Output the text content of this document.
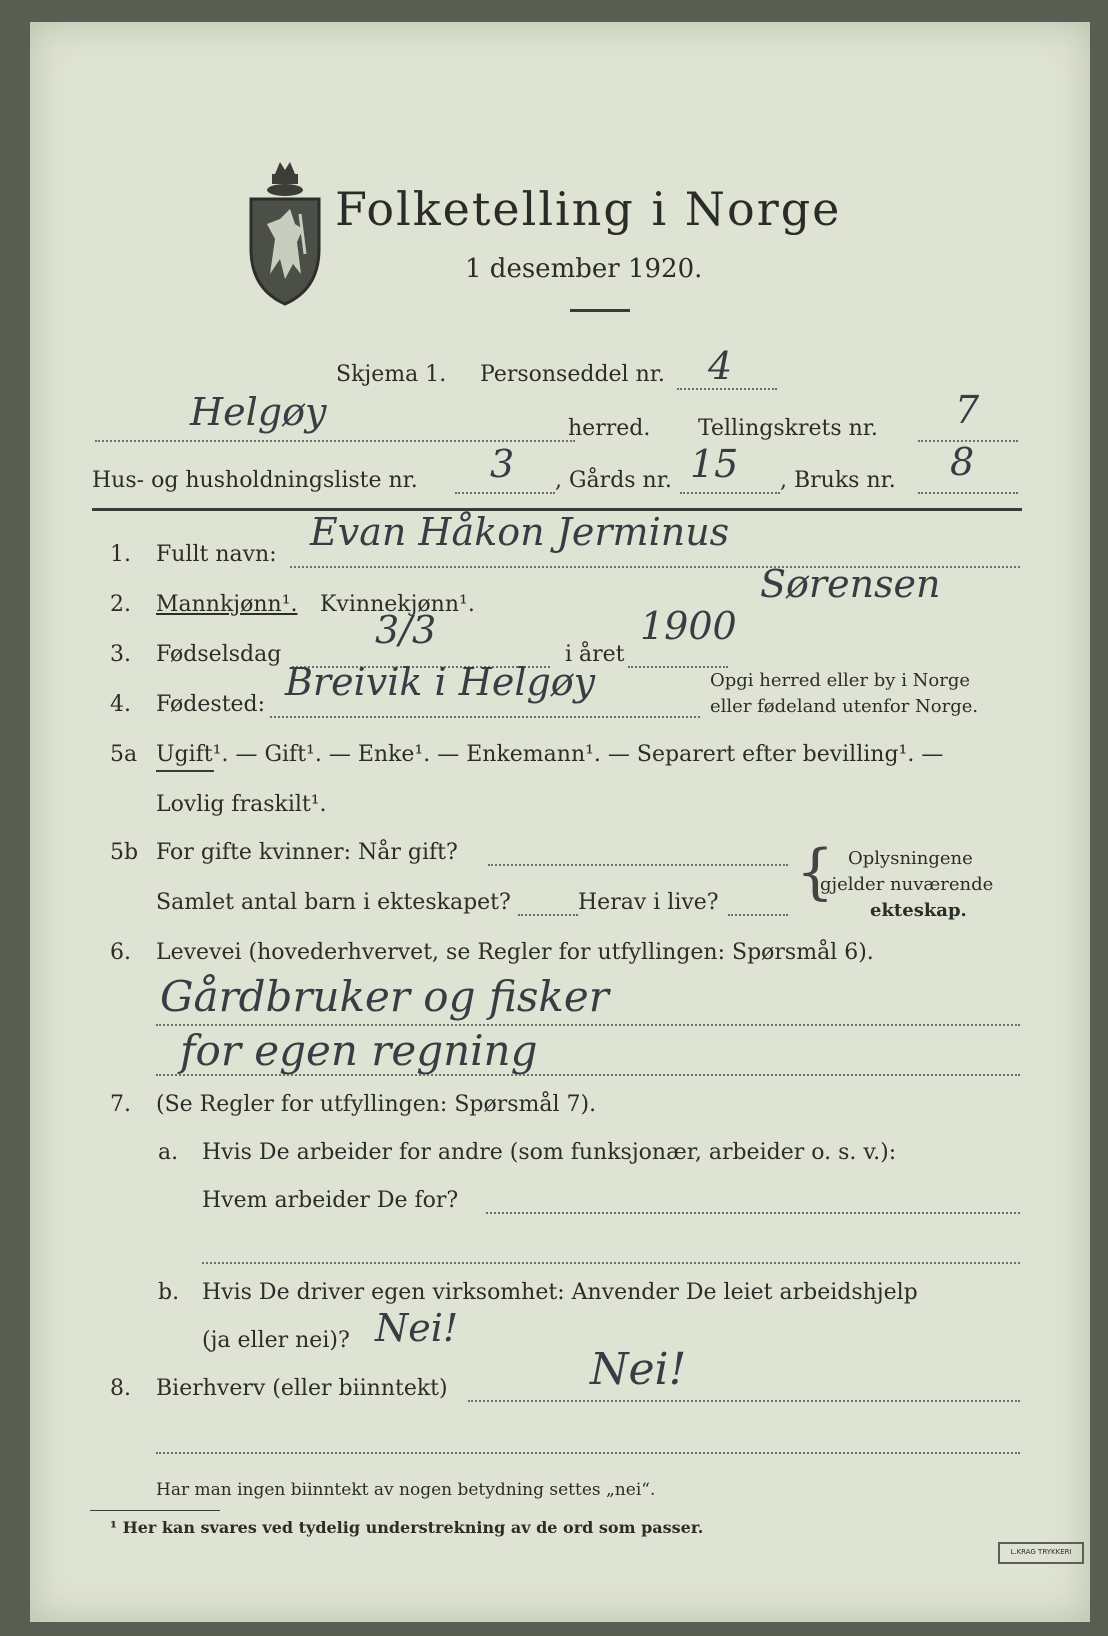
Folketelling i Norge
1 desember 1920.
Skjema 1. Personseddel nr. 4
Helgøy	herred. Tellingskrets nr. 7
Hus- og husholdningsliste nr. 3 , Gårds nr. 15 , Bruks nr. 8
1. Fullt navn:
Evan Håkon Jerminus
Sørensen
2. Mannkjønn¹. Kvinnekjønn¹.
3. Fødselsdag
3/3
i året
1900
4. Fødested:
Breivik i Helgøy	Opgi herred eller by i Norge
eller fødeland utenfor Norge.
5a Ugift¹. — Gift¹. — Enke¹. — Enkemann¹. — Separert efter bevilling¹. —
Lovlig fraskilt¹.
5b For gifte kvinner: Når gift?
Samlet antal barn i ekteskapet?	Herav i live? { Oplysningene
gjelder nuværende
ekteskap.
6. Levevei (hovederhvervet, se Regler for utfyllingen: Spørsmål 6).
Gårdbruker og fisker
for egen regning
7. (Se Regler for utfyllingen: Spørsmål 7).
a. Hvis De arbeider for andre (som funksjonær, arbeider o. s. v.):
Hvem arbeider De for?
b. Hvis De driver egen virksomhet: Anvender De leiet arbeidshjelp
(ja eller nei)? Nei!
8. Bierhverv (eller biinntekt)	Nei!
Har man ingen biinntekt av nogen betydning settes „nei“.
¹ Her kan svares ved tydelig understrekning av de ord som passer.
L.KRAG TRYKKERI
